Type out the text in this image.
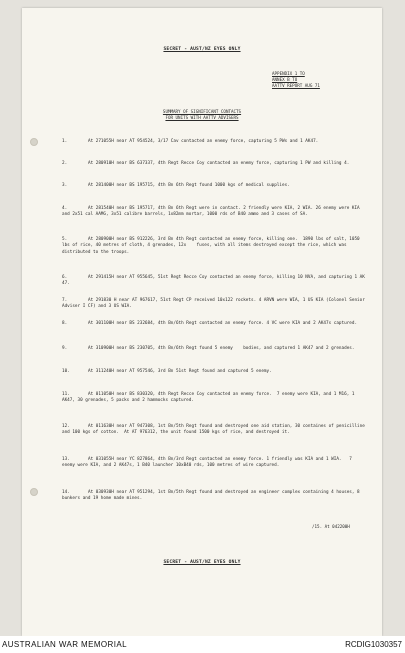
SECRET - AUST/NZ EYES ONLY
APPENDIX 1 TO
ANNEX B TO
AATTV REPORT AUG 71
SUMMARY OF SIGNIFICANT CONTACTS
FOR UNITS WITH AATTV ADVISERS
1.	At 271055H near AT 954524, 3/17 Cav contacted an enemy force, capturing 5 PWs and 1 AK47.
2.	At 280910H near BS 637337, 4th Regt Recce Coy contacted an enemy force, capturing 1 PW and killing 4.
3.	At 281400H near BS 195715, 4th Bn 6th Regt found 1000 kgs of medical supplies.
4.	At 281540H near BS 195717, 4th Bn 6th Regt were in contact. 2 friendly were KIA, 2 WIA. 26 enemy were KIA and 2x51 cal AAMG, 3x51 calibre barrels, 1x82mm mortar, 1000 rds of B40 ammo and 3 cases of SA.
5.	At 280900H near BS 912226, 3rd Bn 4th Regt contacted an enemy force, killing one.  1890 lbs of salt, 1050 lbs of rice, 40 metres of cloth, 4 grenades, 12x    fuses, with all items destroyed except the rice, which was distributed to the troops.
6.	At 291415H near AT 955645, 51st Regt Recce Coy contacted an enemy force, killing 10 NVA, and capturing 1 AK 47.
7.	At 291830 H near AT 967617, 51st Regt CP received 10x122 rockets. 4 ARVN were WIA, 1 US KIA (Colonel Senior Adviser I CF) and 3 US WIA.
8.	At 301100H near BS 232684, 4th Bn/6th Regt contacted an enemy force. 4 VC were KIA and 2 AK47s captured.
9.	At 310900H near BS 230705, 4th Bn/6th Regt found 5 enemy    bodies, and captured 1 AK47 and 2 grenades.
10.	At 311240H near AT 957546, 3rd Bn 51st Regt found and captured 5 enemy.
11.	At 011050H near BS 830320, 4th Regt Recce Coy contacted an enemy force.  7 enemy were KIA, and 1 M16, 1 AK47, 30 grenades, 5 packs and 2 hammocks captured.
12.	At 011630H near AT 947308, 1st Bn/5th Regt found and destroyed one aid station, 30 containes of penicilline and 100 kgs of cotton.  At AT 976312, the unit found 1500 kgs of rice, and destroyed it.
13.	At 031055H near YC 827864, 4th Bn/3rd Regt contacted an enemy force. 1 friendly was KIA and 1 WIA.   7 enemy were KIA, and 2 AK47s, 1 B40 launcher 10xB40 rds, 100 metres of wire captured.
14.	At 030930H near AT 951294, 1st Bn/5th Regt found and destroyed an engineer complex containing 4 houses, 8 bunkers and 19 home made mines.
/15. At 042200H
SECRET - AUST/NZ EYES ONLY
AUSTRALIAN WAR MEMORIAL	RCDIG1030357
